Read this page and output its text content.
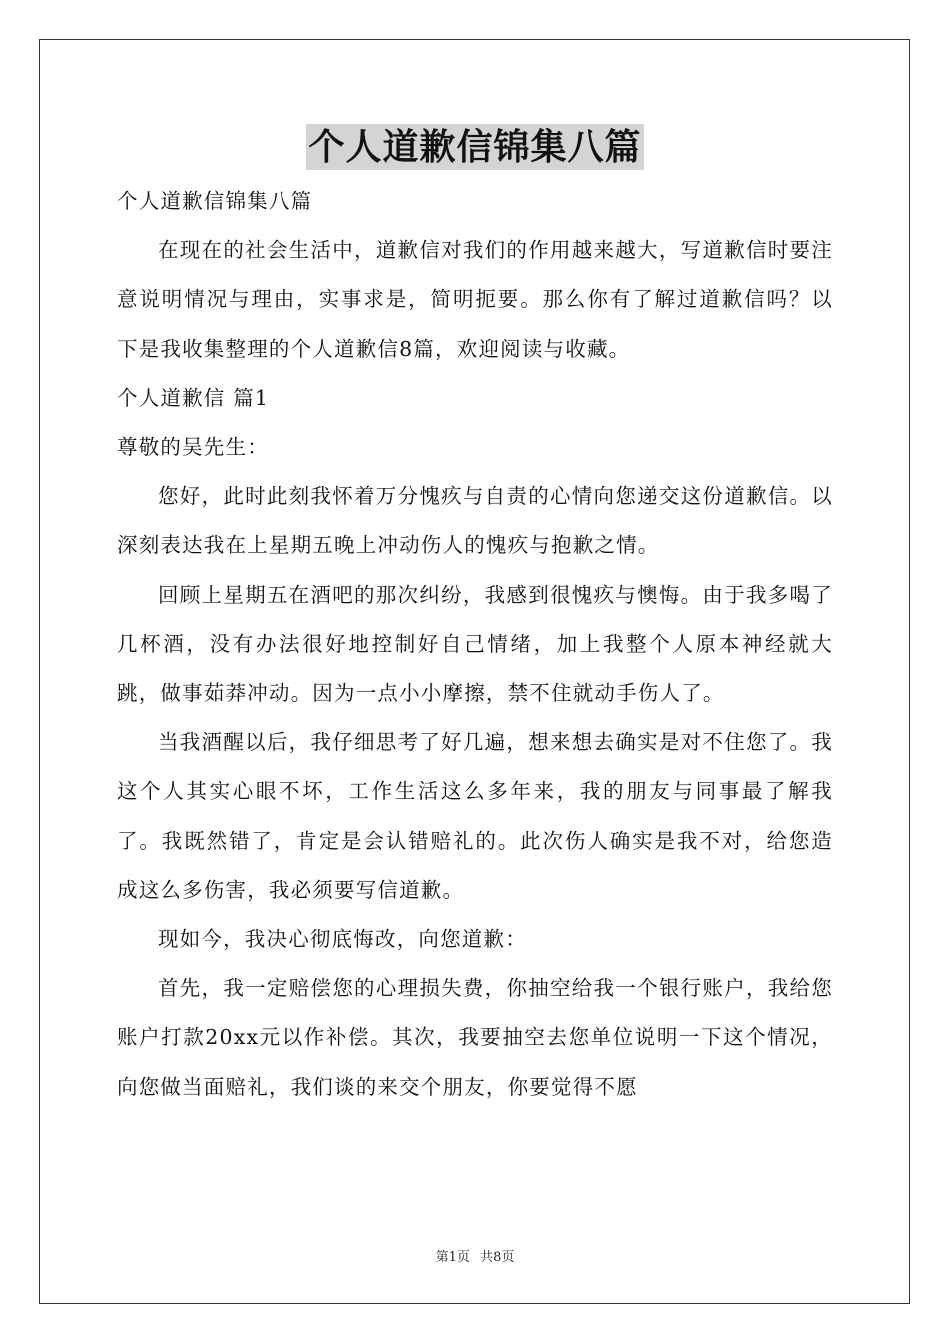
个人道歉信锦集八篇

个人道歉信锦集八篇

在现在的社会生活中，道歉信对我们的作用越来越大，写道歉信时要注意说明情况与理由，实事求是，简明扼要。那么你有了解过道歉信吗？以下是我收集整理的个人道歉信8篇，欢迎阅读与收藏。

个人道歉信 篇1

尊敬的吴先生：

您好，此时此刻我怀着万分愧疚与自责的心情向您递交这份道歉信。以深刻表达我在上星期五晚上冲动伤人的愧疚与抱歉之情。

回顾上星期五在酒吧的那次纠纷，我感到很愧疚与懊悔。由于我多喝了几杯酒，没有办法很好地控制好自己情绪，加上我整个人原本神经就大跳，做事茹莽冲动。因为一点小小摩擦，禁不住就动手伤人了。

当我酒醒以后，我仔细思考了好几遍，想来想去确实是对不住您了。我这个人其实心眼不坏，工作生活这么多年来，我的朋友与同事最了解我了。我既然错了，肯定是会认错赔礼的。此次伤人确实是我不对，给您造成这么多伤害，我必须要写信道歉。

现如今，我决心彻底悔改，向您道歉：

首先，我一定赔偿您的心理损失费，你抽空给我一个银行账户，我给您账户打款20xx元以作补偿。其次，我要抽空去您单位说明一下这个情况，向您做当面赔礼，我们谈的来交个朋友，你要觉得不愿

第1页 共8页
